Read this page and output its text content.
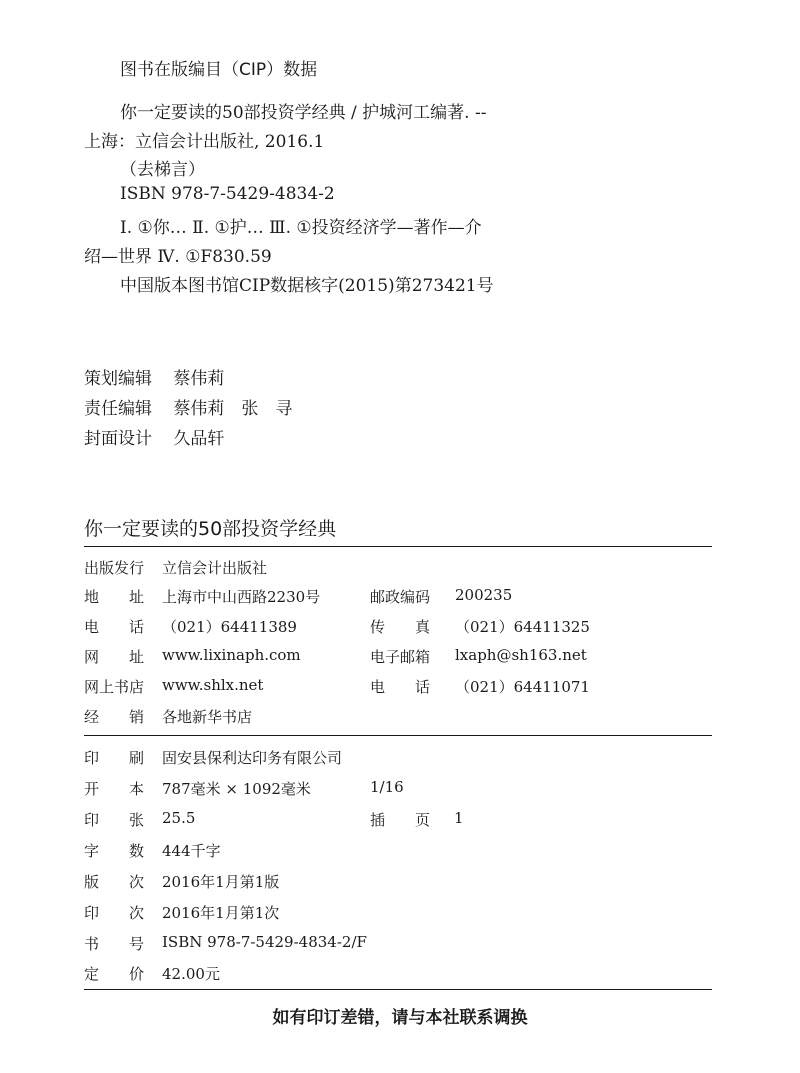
图书在版编目（CIP）数据
你一定要读的50部投资学经典 / 护城河工编著. --
上海：立信会计出版社, 2016.1
（去梯言）
ISBN 978-7-5429-4834-2
Ⅰ. ①你… Ⅱ. ①护… Ⅲ. ①投资经济学—著作—介
绍—世界 Ⅳ. ①F830.59
中国版本图书馆CIP数据核字(2015)第273421号
策划编辑 蔡伟莉
责任编辑 蔡伟莉　张　寻
封面设计 久品轩
你一定要读的50部投资学经典
出版发行 立信会计出版社
地　　址 上海市中山西路2230号	邮政编码 200235
电　　话 （021）64411389	传　　真 （021）64411325
网　　址 www.lixinaph.com	电子邮箱 lxaph@sh163.net
网上书店 www.shlx.net	电　　话 （021）64411071
经　　销 各地新华书店
印　　刷 固安县保利达印务有限公司
开　　本 787毫米 × 1092毫米	1/16
印　　张 25.5	插　　页 1
字　　数 444千字
版　　次 2016年1月第1版
印　　次 2016年1月第1次
书　　号 ISBN 978-7-5429-4834-2/F
定　　价 42.00元
如有印订差错，请与本社联系调换
